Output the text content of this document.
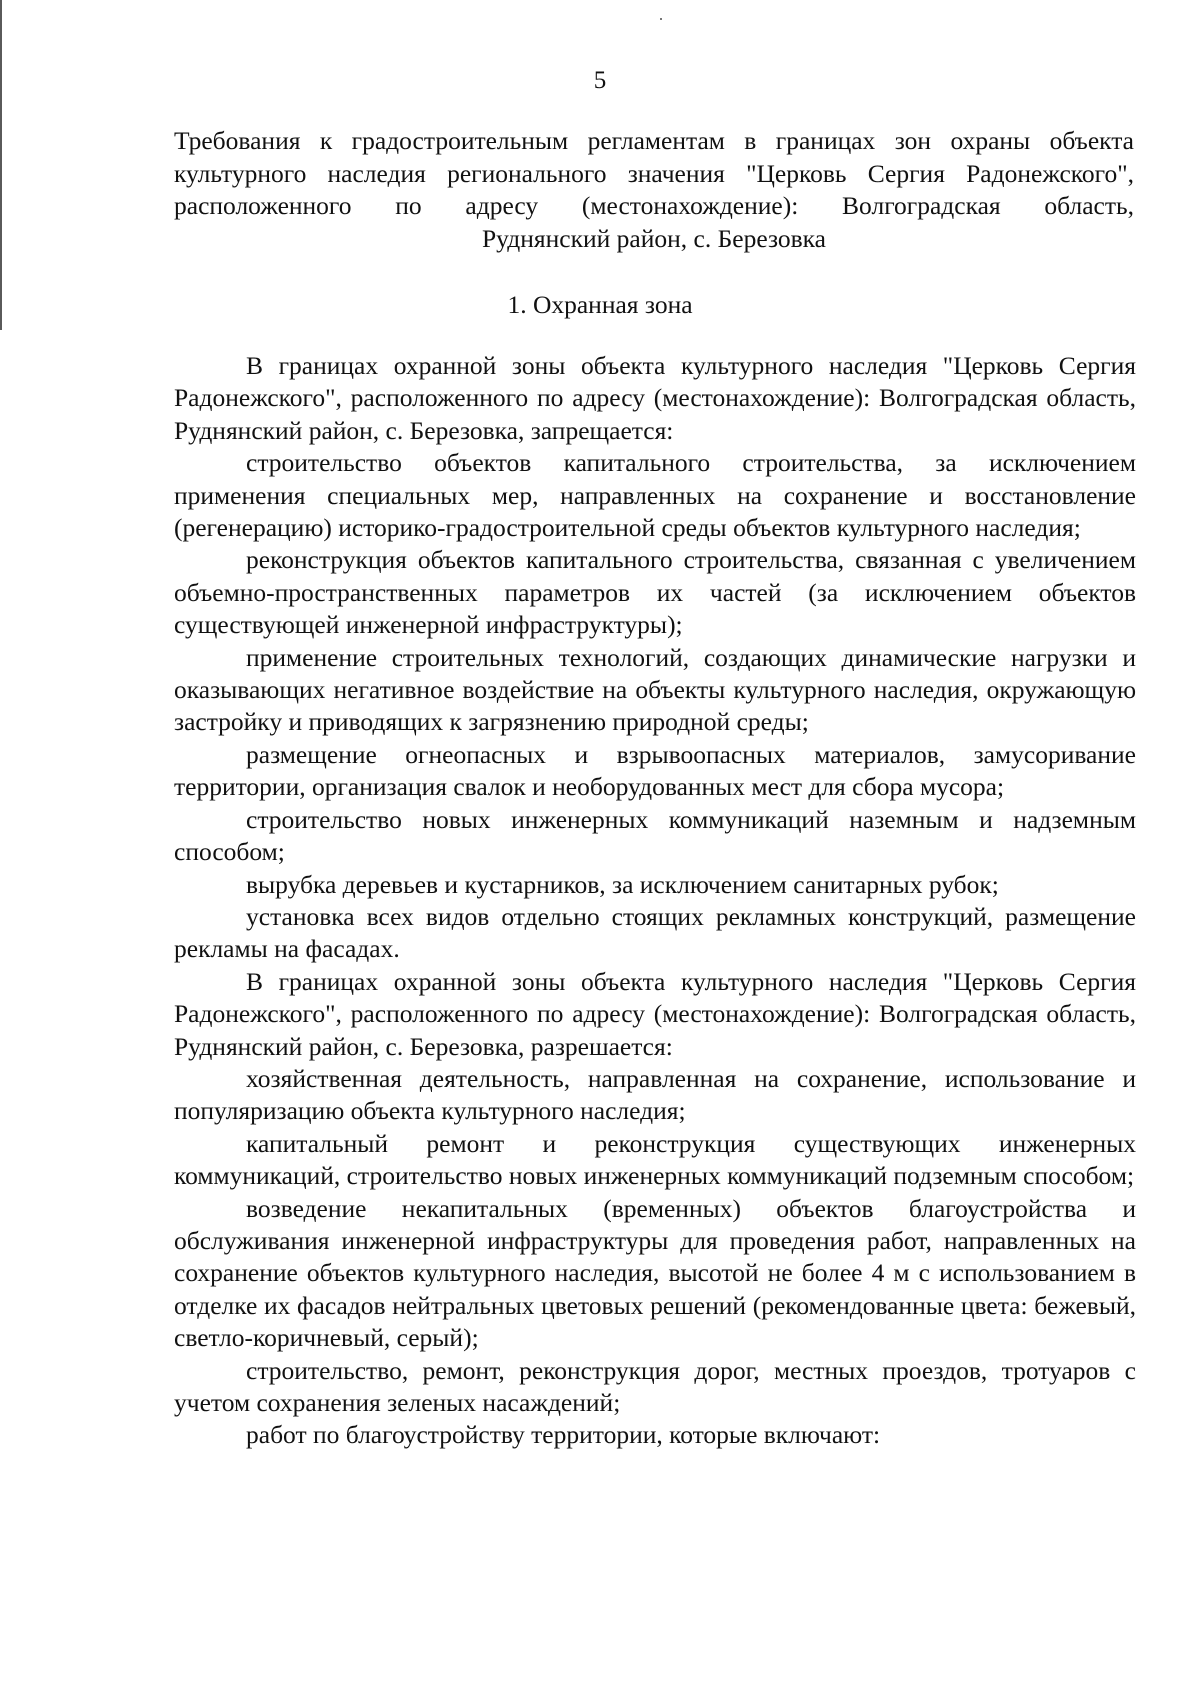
5
Требования к градостроительным регламентам в границах зон охраны объекта
культурного наследия регионального значения "Церковь Сергия Радонежского",
расположенного по адресу (местонахождение): Волгоградская область,
Руднянский район, с. Березовка
1. Охранная зона

В границах охранной зоны объекта культурного наследия "Церковь Сергия Радонежского", расположенного по адресу (местонахождение): Волгоградская область, Руднянский район, с. Березовка, запрещается:

строительство объектов капитального строительства, за исключением применения специальных мер, направленных на сохранение и восстановление (регенерацию) историко-градостроительной среды объектов культурного наследия;

реконструкция объектов капитального строительства, связанная с увеличением объемно-пространственных параметров их частей (за исключением объектов существующей инженерной инфраструктуры);

применение строительных технологий, создающих динамические нагрузки и оказывающих негативное воздействие на объекты культурного наследия, окружающую застройку и приводящих к загрязнению природной среды;

размещение огнеопасных и взрывоопасных материалов, замусоривание территории, организация свалок и необорудованных мест для сбора мусора;

строительство новых инженерных коммуникаций наземным и надземным способом;

вырубка деревьев и кустарников, за исключением санитарных рубок;

установка всех видов отдельно стоящих рекламных конструкций, размещение рекламы на фасадах.

В границах охранной зоны объекта культурного наследия "Церковь Сергия Радонежского", расположенного по адресу (местонахождение): Волгоградская область, Руднянский район, с. Березовка, разрешается:

хозяйственная деятельность, направленная на сохранение, использование и популяризацию объекта культурного наследия;

капитальный ремонт и реконструкция существующих инженерных коммуникаций, строительство новых инженерных коммуникаций подземным способом;

возведение некапитальных (временных) объектов благоустройства и обслуживания инженерной инфраструктуры для проведения работ, направленных на сохранение объектов культурного наследия, высотой не более 4 м с использованием в отделке их фасадов нейтральных цветовых решений (рекомендованные цвета: бежевый, светло-коричневый, серый);

строительство, ремонт, реконструкция дорог, местных проездов, тротуаров с учетом сохранения зеленых насаждений;

работ по благоустройству территории, которые включают:
